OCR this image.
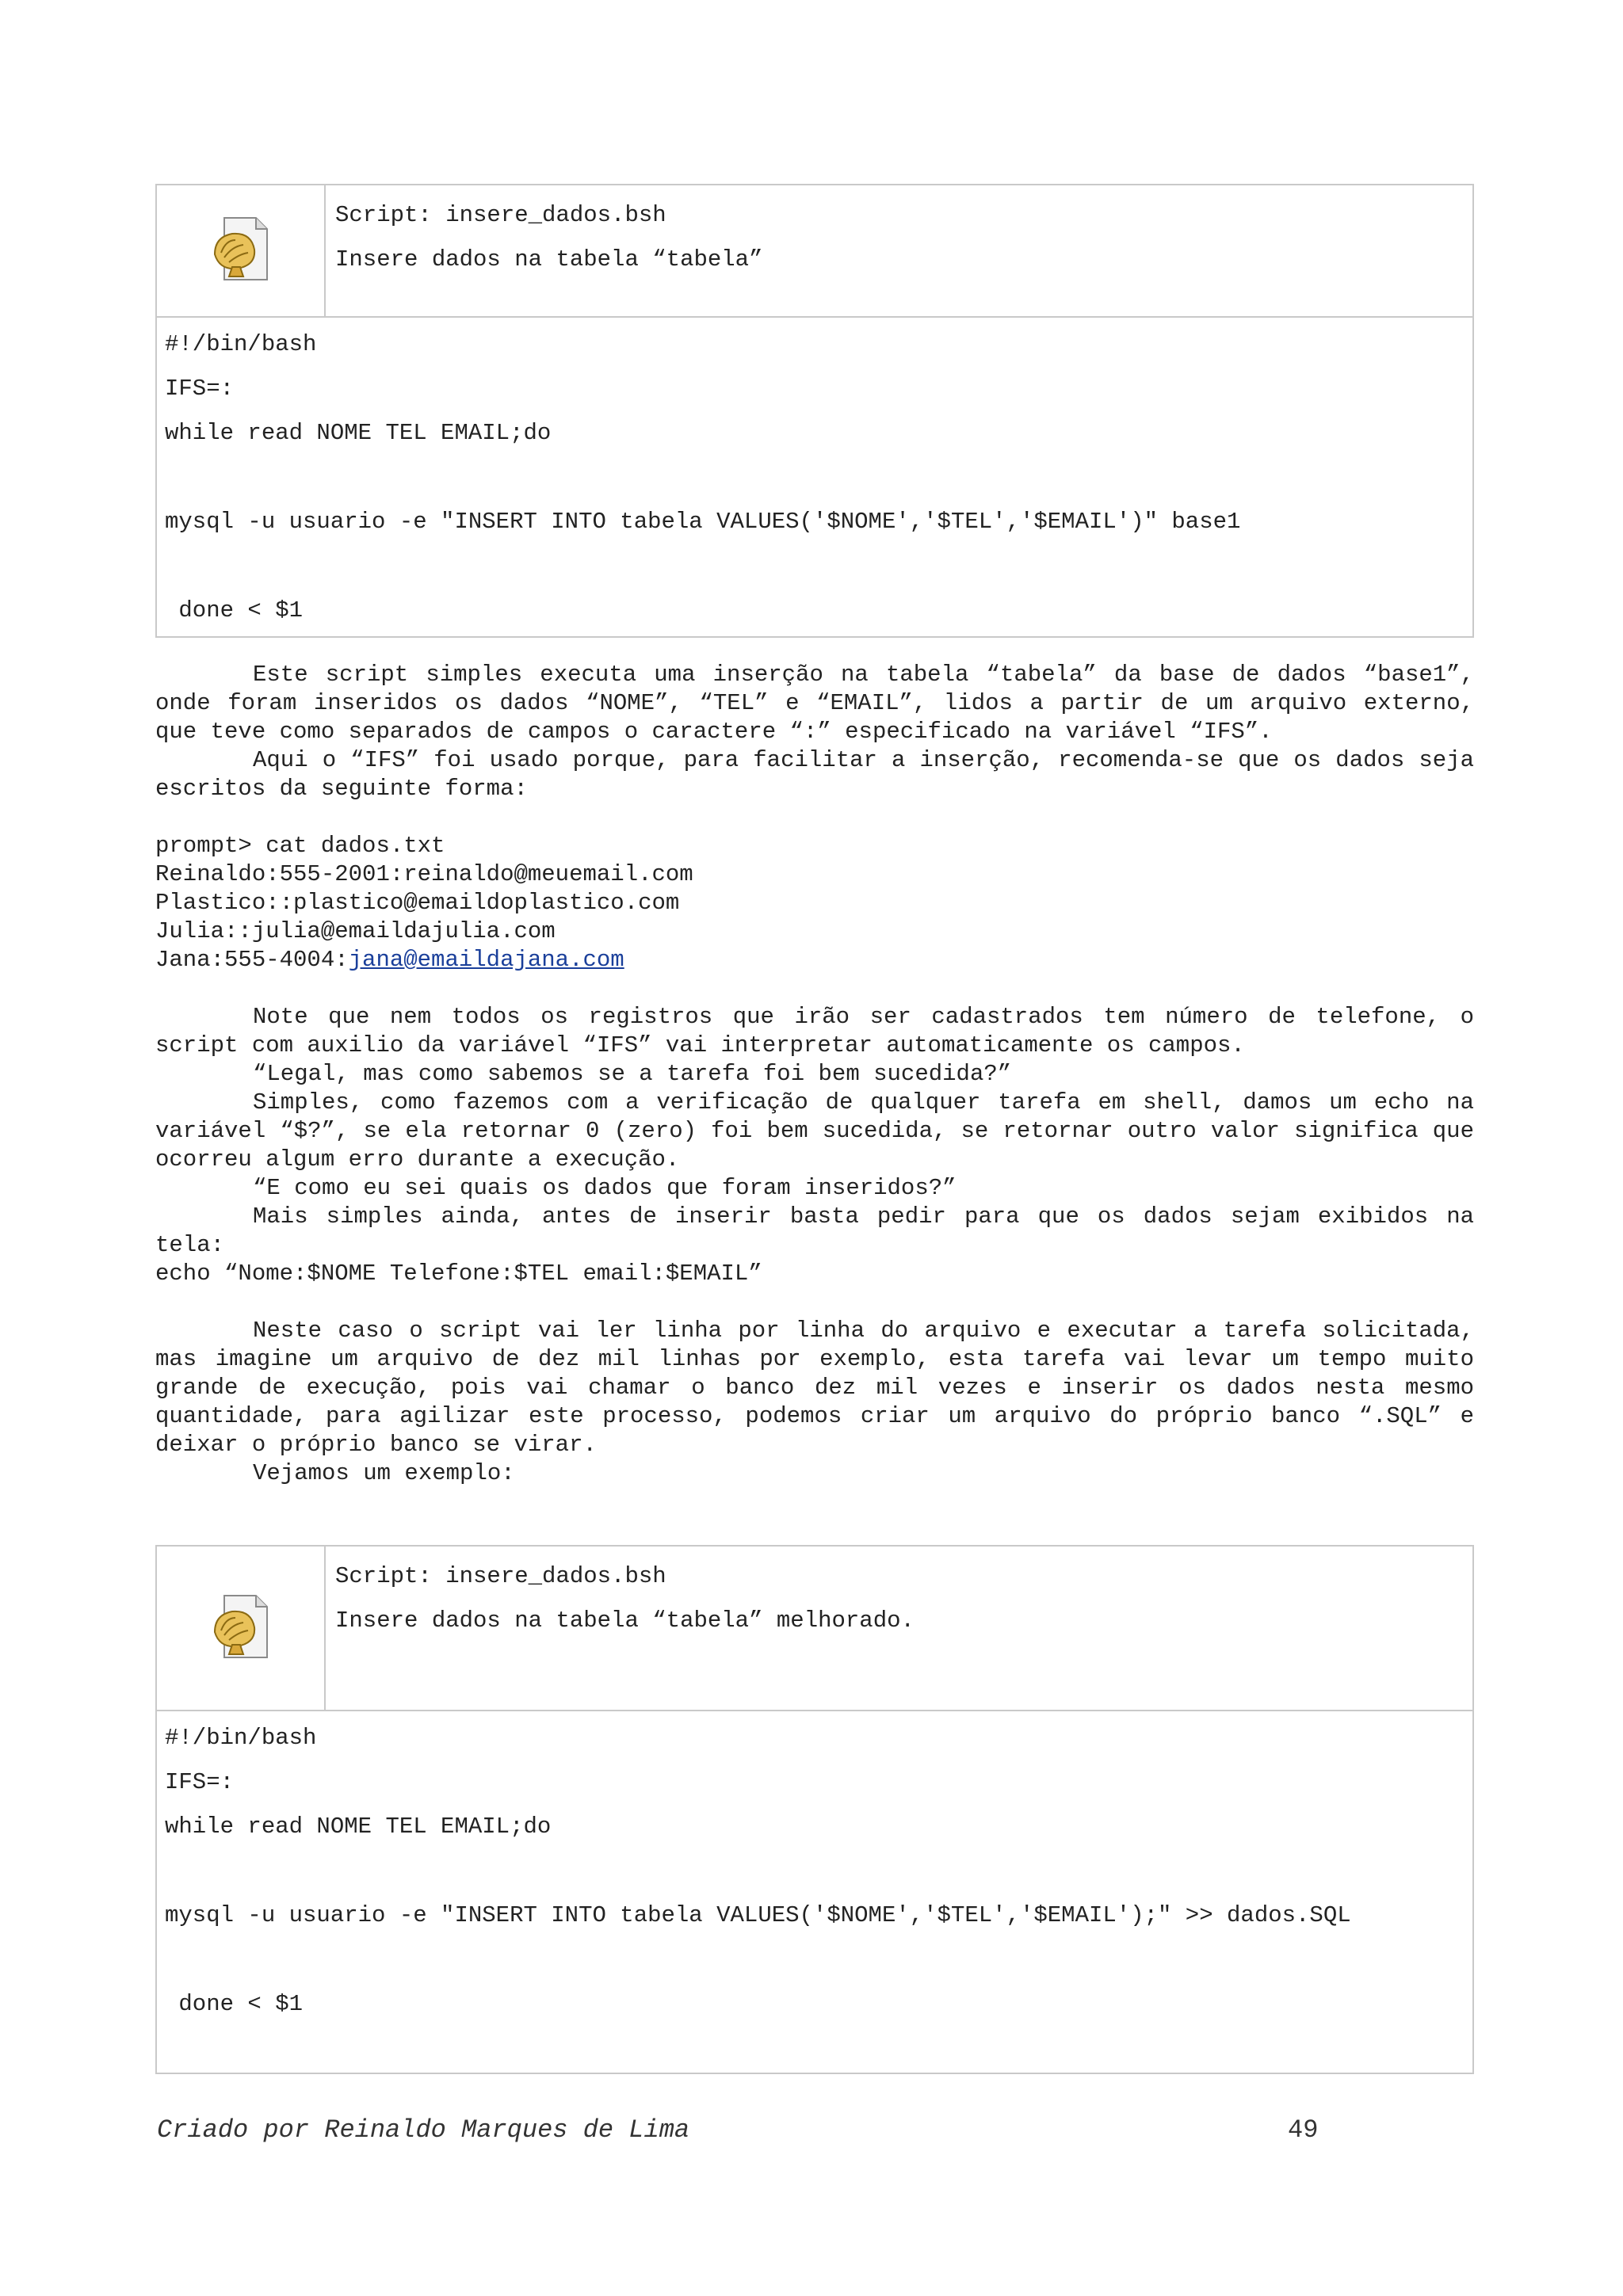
Script: insere_dados.bsh
Insere dados na tabela “tabela”
#!/bin/bash
IFS=:
while read NOME TEL EMAIL;do
mysql -u usuario -e "INSERT INTO tabela VALUES('$NOME','$TEL','$EMAIL')" base1
done < $1

Este script simples executa uma inserção na tabela “tabela” da base de dados “base1”, onde foram inseridos os dados “NOME”, “TEL” e “EMAIL”, lidos a partir de um arquivo externo, que teve como separados de campos o caractere “:” especificado na variável “IFS”.

Aqui o “IFS” foi usado porque, para facilitar a inserção, recomenda-se que os dados seja escritos da seguinte forma:

prompt> cat dados.txt

Reinaldo:555-2001:reinaldo@meuemail.com

Plastico::plastico@emaildoplastico.com

Julia::julia@emaildajulia.com

Jana:555-4004:jana@emaildajana.com

Note que nem todos os registros que irão ser cadastrados tem número de telefone, o script com auxilio da variável “IFS” vai interpretar automaticamente os campos.

“Legal, mas como sabemos se a tarefa foi bem sucedida?”

Simples, como fazemos com a verificação de qualquer tarefa em shell, damos um echo na variável “$?”, se ela retornar 0 (zero) foi bem sucedida, se retornar outro valor significa que ocorreu algum erro durante a execução.

“E como eu sei quais os dados que foram inseridos?”

Mais simples ainda, antes de inserir basta pedir para que os dados sejam exibidos na tela:

echo “Nome:$NOME Telefone:$TEL email:$EMAIL”

Neste caso o script vai ler linha por linha do arquivo e executar a tarefa solicitada, mas imagine um arquivo de dez mil linhas por exemplo, esta tarefa vai levar um tempo muito grande de execução, pois vai chamar o banco dez mil vezes e inserir os dados nesta mesmo quantidade, para agilizar este processo, podemos criar um arquivo do próprio banco “.SQL” e deixar o próprio banco se virar.

Vejamos um exemplo:

Script: insere_dados.bsh
Insere dados na tabela “tabela” melhorado.
#!/bin/bash
IFS=:
while read NOME TEL EMAIL;do
mysql -u usuario -e "INSERT INTO tabela VALUES('$NOME','$TEL','$EMAIL');" >> dados.SQL
done < $1
Criado por Reinaldo Marques de Lima	49
